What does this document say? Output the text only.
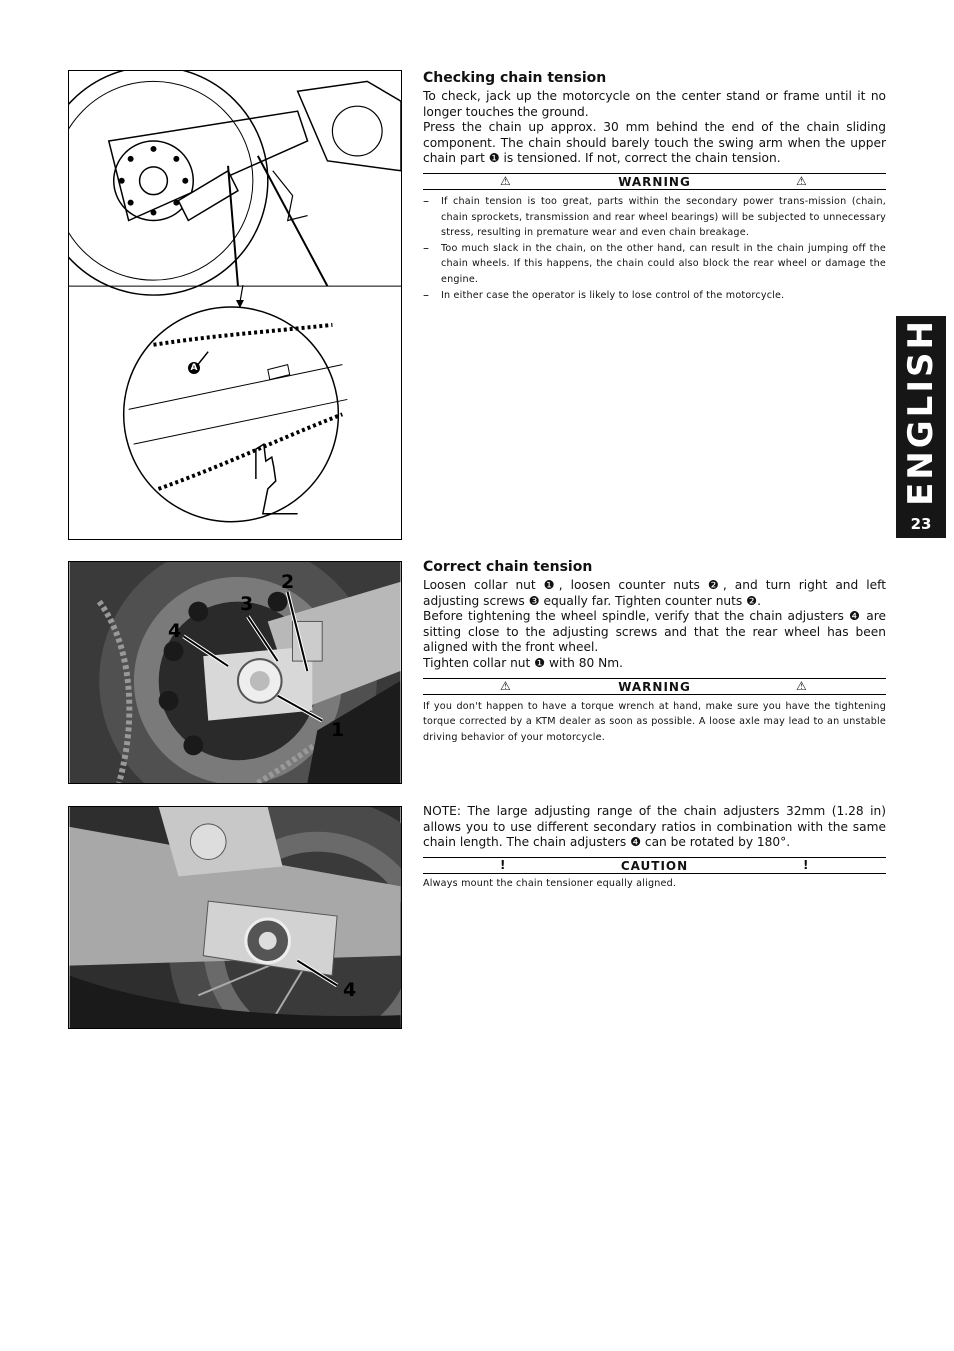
A
Checking chain tension

To check, jack up the motorcycle on the center stand or frame until it no longer touches the ground.

Press the chain up approx. 30 mm behind the end of the chain sliding component. The chain should barely touch the swing arm when the upper chain part ❶ is tensioned. If not, correct the chain tension.

⚠	WARNING	⚠
– If chain tension is too great, parts within the secondary power trans-mission (chain, chain sprockets, transmission and rear wheel bearings) will be subjected to unnecessary stress, resulting in premature wear and even chain breakage.
– Too much slack in the chain, on the other hand, can result in the chain jumping off the chain wheels. If this happens, the chain could also block the rear wheel or damage the engine.
– In either case the operator is likely to lose control of the motorcycle.
ENGLISH
23
2
3
4
1
Correct chain tension

Loosen collar nut ❶, loosen counter nuts ❷, and turn right and left adjusting screws ❸ equally far. Tighten counter nuts ❷.

Before tightening the wheel spindle, verify that the chain adjusters ❹ are sitting close to the adjusting screws and that the rear wheel has been aligned with the front wheel.

Tighten collar nut ❶ with 80 Nm.

⚠	WARNING	⚠
If you don't happen to have a torque wrench at hand, make sure you have the tightening torque corrected by a KTM dealer as soon as possible. A loose axle may lead to an unstable driving behavior of your motorcycle.
4

NOTE: The large adjusting range of the chain adjusters 32mm (1.28 in) allows you to use different secondary ratios in combination with the same chain length. The chain adjusters ❹ can be rotated by 180°.

!	CAUTION	!
Always mount the chain tensioner equally aligned.
